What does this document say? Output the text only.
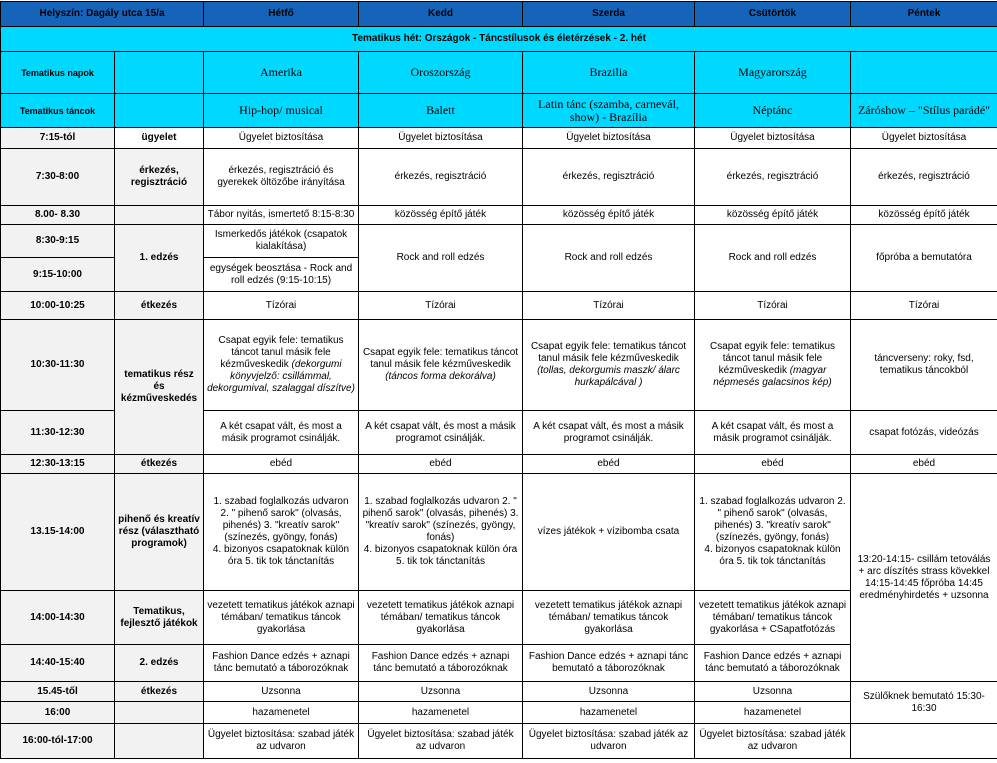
Helyszín: Dagály utca 15/a		Hétfő	Kedd	Szerda	Csütörtök	Péntek
Tematikus hét: Országok - Táncstílusok és életérzések - 2. hét						
Tematikus napok		Amerika	Oroszország	Brazilia	Magyarország	
Tematikus táncok		Hip-hop/ musical	Balett	Latin tánc (szamba, carnevál, show) - Brazília	Néptánc	Záróshow – "Stílus parádé"
7:15-tól	ügyelet	Ügyelet biztosítása	Ügyelet biztosítása	Ügyelet biztosítása	Ügyelet biztosítása	Ügyelet biztosítása
7:30-8:00	érkezés, regisztráció	érkezés, regisztráció és gyerekek öltözőbe irányítása	érkezés, regisztráció	érkezés, regisztráció	érkezés, regisztráció	érkezés, regisztráció
8.00- 8.30		Tábor nyitás, ismertető 8:15-8:30	közösség építő játék	közösség építő játék	közösség építő játék	közösség építő játék
8:30-9:15	1. edzés	Ismerkedős játékok (csapatok kialakítása)	Rock and roll edzés	Rock and roll edzés	Rock and roll edzés	főpróba a bemutatóra
9:15-10:00		egységek beosztása - Rock and roll edzés (9:15-10:15)				
10:00-10:25	étkezés	Tízórai	Tízórai	Tízórai	Tízórai	Tízórai
10:30-11:30	tematikus rész és kézműveskedés	Csapat egyik fele: tematikus táncot tanul másik fele kézműveskedik (dekorgumi könyvjelző: csillámmal, dekorgumival, szalaggal díszítve)	Csapat egyik fele: tematikus táncot tanul másik fele kézműveskedik (táncos forma dekorálva)	Csapat egyik fele: tematikus táncot tanul másik fele kézműveskedik (tollas, dekorgumis maszk/ álarc hurkapálcával )	Csapat egyik fele: tematikus táncot tanul másik fele kézműveskedik (magyar népmesés galacsinos kép)	táncverseny: roky, fsd, tematikus táncokból
11:30-12:30		A két csapat vált, és most a másik programot csinálják.	A két csapat vált, és most a másik programot csinálják.	A két csapat vált, és most a másik programot csinálják.	A két csapat vált, és most a másik programot csinálják.	csapat fotózás, videózás
12:30-13:15	étkezés	ebéd	ebéd	ebéd	ebéd	ebéd
13.15-14:00	pihenő és kreatív rész (választható programok)	1. szabad foglalkozás udvaron
2. " pihenő sarok" (olvasás, pihenés) 3. "kreatív sarok" (színezés, gyöngy, fonás)
4. bizonyos csapatoknak külön óra 5. tik tok tánctanítás	1. szabad foglalkozás udvaron 2. " pihenő sarok" (olvasás, pihenés) 3. "kreatív sarok" (színezés, gyöngy, fonás)
4. bizonyos csapatoknak külön óra 5. tik tok tánctanítás	vízes játékok + vízibomba csata	1. szabad foglalkozás udvaron 2. " pihenő sarok" (olvasás, pihenés) 3. "kreatív sarok" (színezés, gyöngy, fonás)
4. bizonyos csapatoknak külön óra 5. tik tok tánctanítás	13:20-14:15- csillám tetoválás + arc díszítés strass kövekkel 14:15-14:45 főpróba 14:45 eredményhirdetés + uzsonna
14:00-14:30	Tematikus, fejlesztő játékok	vezetett tematikus játékok aznapi témában/ tematikus táncok gyakorlása	vezetett tematikus játékok aznapi témában/ tematikus táncok gyakorlása	vezetett tematikus játékok aznapi témában/ tematikus táncok gyakorlása	vezetett tematikus játékok aznapi témában/ tematikus táncok gyakorlása + CSapatfotózás	
14:40-15:40	2. edzés	Fashion Dance edzés + aznapi tánc bemutató a táborozóknak	Fashion Dance edzés + aznapi tánc bemutató a táborozóknak	Fashion Dance edzés + aznapi tánc bemutató a táborozóknak	Fashion Dance edzés + aznapi tánc bemutató a táborozóknak	
15.45-től	étkezés	Uzsonna	Uzsonna	Uzsonna	Uzsonna	Szülőknek bemutató 15:30-16:30
16:00		hazamenetel	hazamenetel	hazamenetel	hazamenetel	
16:00-tól-17:00		Ügyelet biztosítása: szabad játék az udvaron	Ügyelet biztosítása: szabad játék az udvaron	Ügyelet biztosítása: szabad játék az udvaron	Ügyelet biztosítása: szabad játék az udvaron	
